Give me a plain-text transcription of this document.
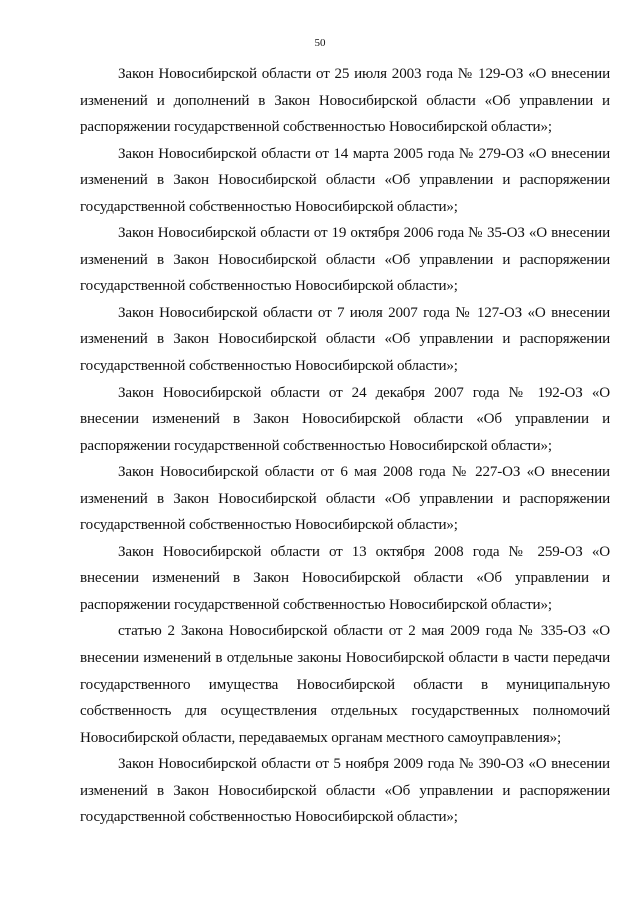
50

Закон Новосибирской области от 25 июля 2003 года № 129-ОЗ «О внесении изменений и дополнений в Закон Новосибирской области «Об управлении и распоряжении государственной собственностью Новосибирской области»;

Закон Новосибирской области от 14 марта 2005 года № 279-ОЗ «О внесении изменений в Закон Новосибирской области «Об управлении и распоряжении государственной собственностью Новосибирской области»;

Закон Новосибирской области от 19 октября 2006 года № 35-ОЗ «О внесении изменений в Закон Новосибирской области «Об управлении и распоряжении государственной собственностью Новосибирской области»;

Закон Новосибирской области от 7 июля 2007 года № 127-ОЗ «О внесении изменений в Закон Новосибирской области «Об управлении и распоряжении государственной собственностью Новосибирской области»;

Закон Новосибирской области от 24 декабря 2007 года № 192-ОЗ «О внесении изменений в Закон Новосибирской области «Об управлении и распоряжении государственной собственностью Новосибирской области»;

Закон Новосибирской области от 6 мая 2008 года № 227-ОЗ «О внесении изменений в Закон Новосибирской области «Об управлении и распоряжении государственной собственностью Новосибирской области»;

Закон Новосибирской области от 13 октября 2008 года № 259-ОЗ «О внесении изменений в Закон Новосибирской области «Об управлении и распоряжении государственной собственностью Новосибирской области»;

статью 2 Закона Новосибирской области от 2 мая 2009 года № 335-ОЗ «О внесении изменений в отдельные законы Новосибирской области в части передачи государственного имущества Новосибирской области в муниципальную собственность для осуществления отдельных государственных полномочий Новосибирской области, передаваемых органам местного самоуправления»;

Закон Новосибирской области от 5 ноября 2009 года № 390-ОЗ «О внесении изменений в Закон Новосибирской области «Об управлении и распоряжении государственной собственностью Новосибирской области»;
